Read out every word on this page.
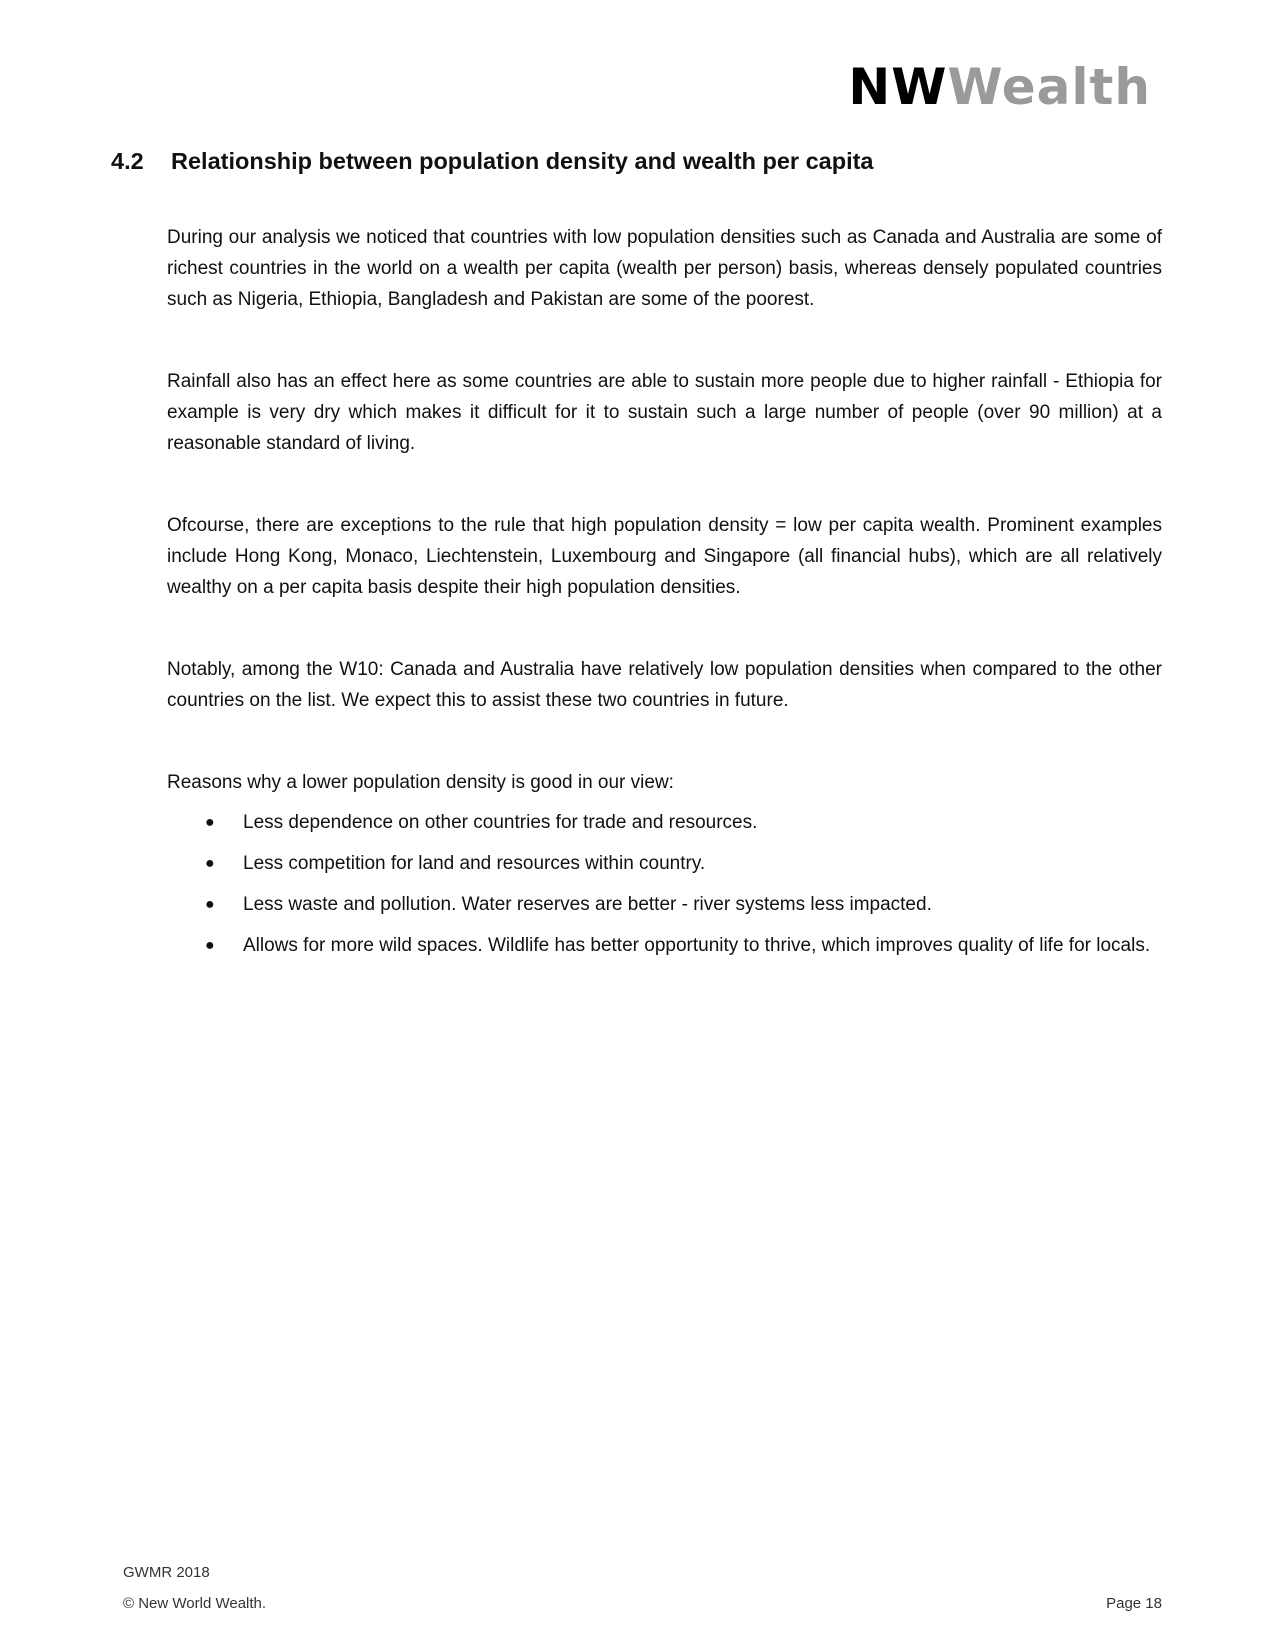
NWWealth
4.2 Relationship between population density and wealth per capita

During our analysis we noticed that countries with low population densities such as Canada and Australia are some of richest countries in the world on a wealth per capita (wealth per person) basis, whereas densely populated countries such as Nigeria, Ethiopia, Bangladesh and Pakistan are some of the poorest.

Rainfall also has an effect here as some countries are able to sustain more people due to higher rainfall - Ethiopia for example is very dry which makes it difficult for it to sustain such a large number of people (over 90 million) at a reasonable standard of living.

Ofcourse, there are exceptions to the rule that high population density = low per capita wealth. Prominent examples include Hong Kong, Monaco, Liechtenstein, Luxembourg and Singapore (all financial hubs), which are all relatively wealthy on a per capita basis despite their high population densities.

Notably, among the W10: Canada and Australia have relatively low population densities when compared to the other countries on the list. We expect this to assist these two countries in future.

Reasons why a lower population density is good in our view:

● Less dependence on other countries for trade and resources.
● Less competition for land and resources within country.
● Less waste and pollution. Water reserves are better - river systems less impacted.
● Allows for more wild spaces. Wildlife has better opportunity to thrive, which improves quality of life for locals.
GWMR 2018
© New World Wealth.	Page 18
